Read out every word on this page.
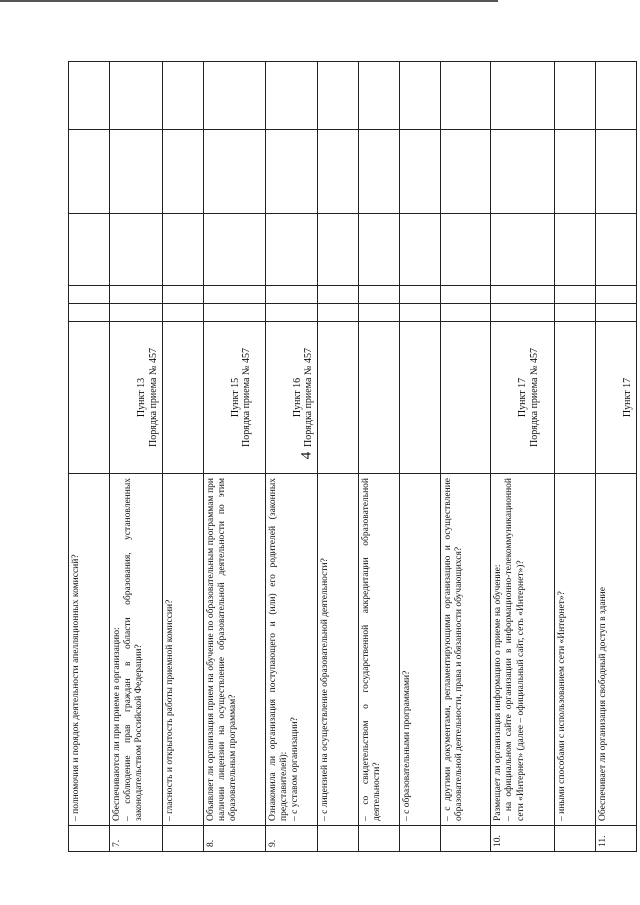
4
	– полномочия и порядок деятельности апелляционных комиссий?						
7.	Обеспечиваются ли при приеме в организацию:
– соблюдение прав граждан в области образования, установленных законодательством Российской Федерации?	Пункт 13
Порядка приема № 457					
	– гласность и открытость работы приемной комиссии?						
8.	Объявляет ли организация прием на обучение по образовательным программам при наличии лицензии на осуществление образовательной деятельности по этим образовательным программам?	Пункт 15
Порядка приема № 457					
9.	Ознакомила ли организация поступающего и (или) его родителей (законных представителей):
– с уставом организации?	Пункт 16
Порядка приема № 457					
	– с лицензией на осуществление образовательной деятельности?						
	– со свидетельством о государственной аккредитации образовательной деятельности?						
	– с образовательными программами?						
	– с другими документами, регламентирующими организацию и осуществление образовательной деятельности, права и обязанности обучающихся?						
10.	Размещает ли организация информацию о приеме на обучение:
– на официальном сайте организации в информационно-телекоммуникационной сети «Интернет» (далее – официальный сайт, сеть «Интернет»)?	Пункт 17
Порядка приема № 457					
	– иными способами с использованием сети «Интернет»?						
11.	Обеспечивает ли организация свободный доступ в здание	Пункт 17					
